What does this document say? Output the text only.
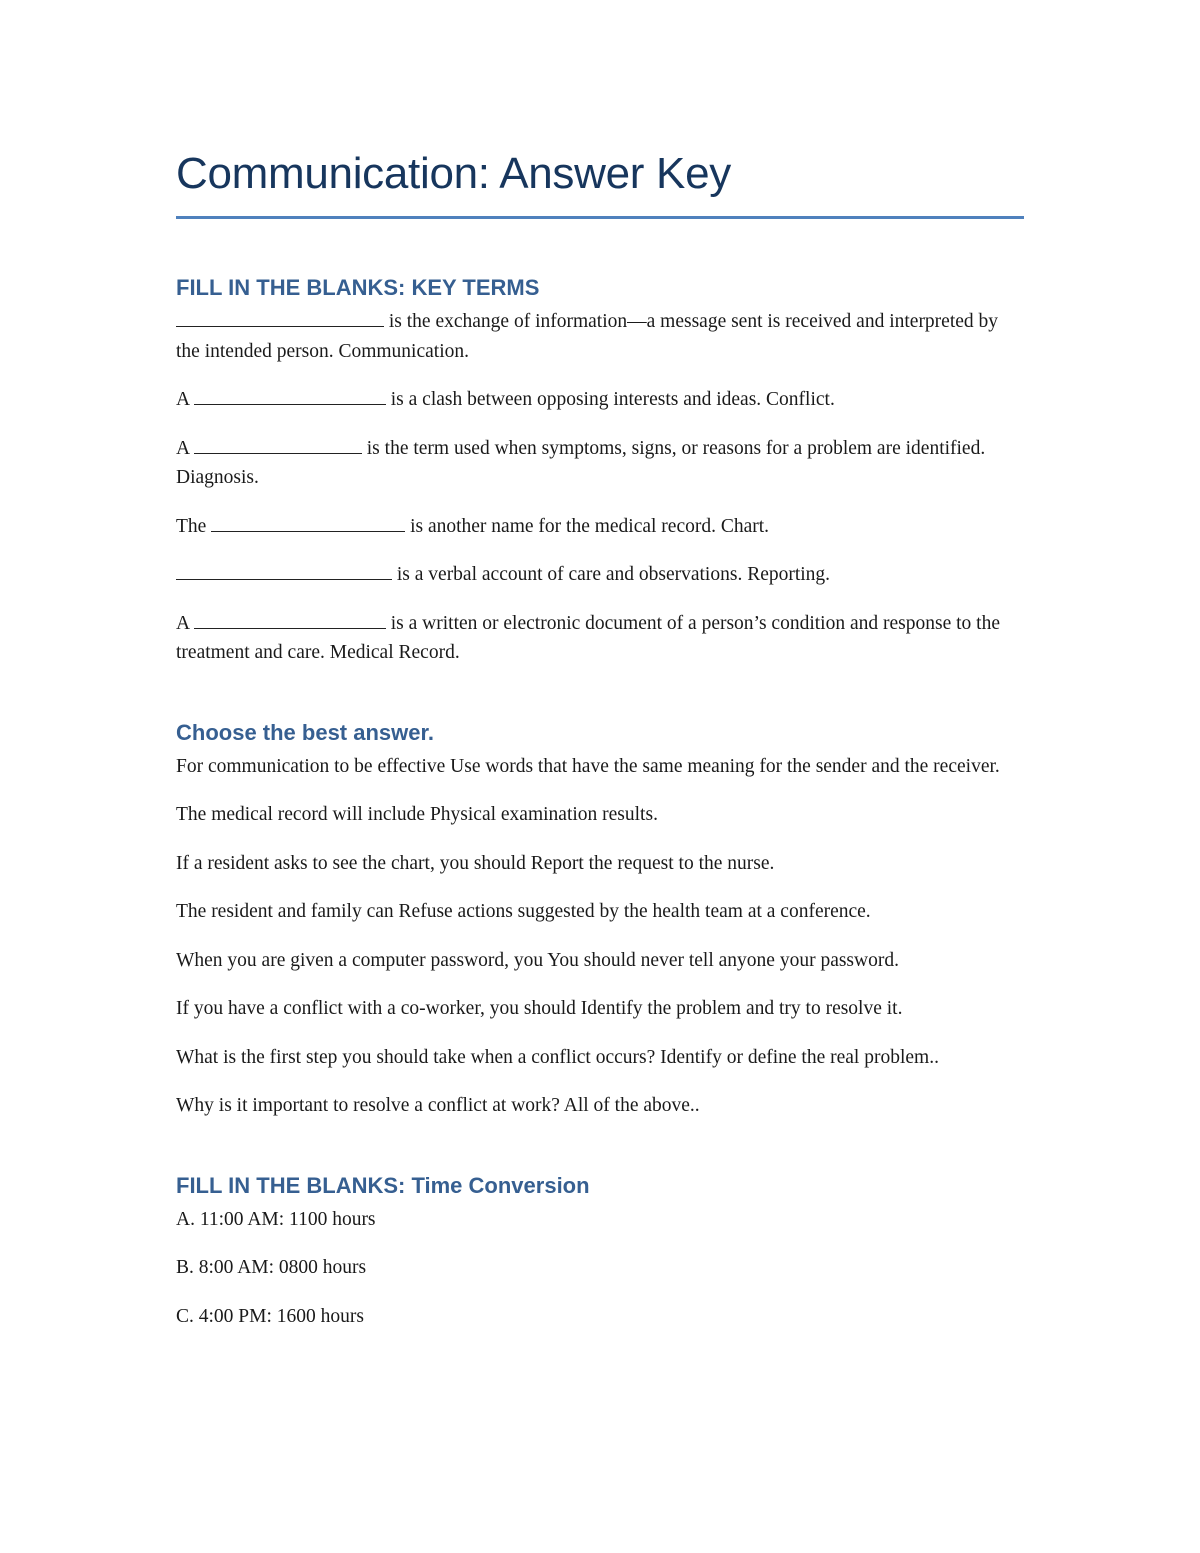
Communication: Answer Key
FILL IN THE BLANKS: KEY TERMS

is the exchange of information—a message sent is received and interpreted by the intended person. Communication.

A	is a clash between opposing interests and ideas. Conflict.

A	is the term used when symptoms, signs, or reasons for a problem are identified. Diagnosis.

The	is another name for the medical record. Chart.

is a verbal account of care and observations. Reporting.

A	is a written or electronic document of a person’s condition and response to the treatment and care. Medical Record.

Choose the best answer.

For communication to be effective Use words that have the same meaning for the sender and the receiver.

The medical record will include Physical examination results.

If a resident asks to see the chart, you should Report the request to the nurse.

The resident and family can Refuse actions suggested by the health team at a conference.

When you are given a computer password, you You should never tell anyone your password.

If you have a conflict with a co-worker, you should Identify the problem and try to resolve it.

What is the first step you should take when a conflict occurs? Identify or define the real problem..

Why is it important to resolve a conflict at work? All of the above..

FILL IN THE BLANKS: Time Conversion

A. 11:00 AM: 1100 hours

B. 8:00 AM: 0800 hours

C. 4:00 PM: 1600 hours
